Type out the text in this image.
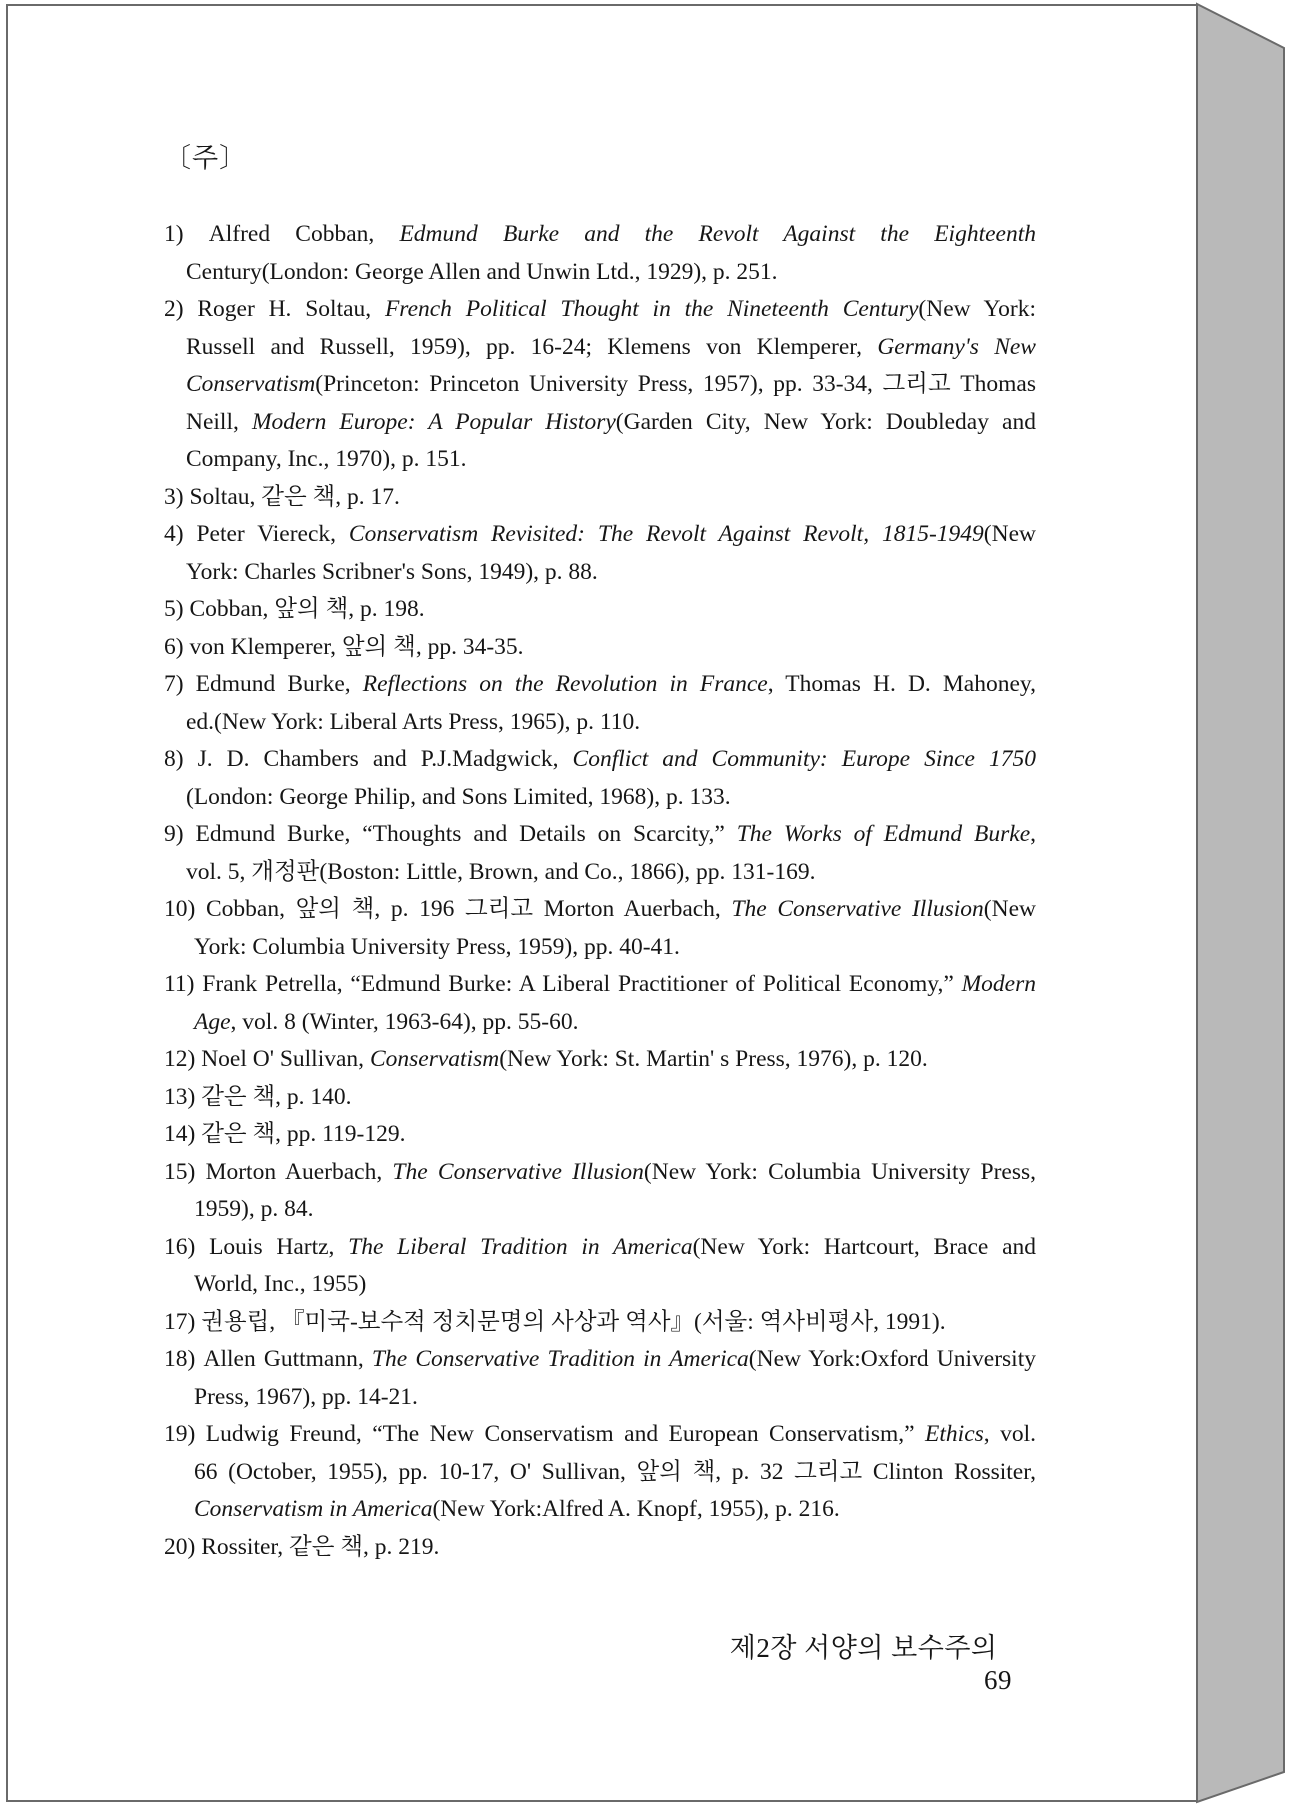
〔주〕
1) Alfred Cobban, Edmund Burke and the Revolt Against the Eighteenth
Century(London: George Allen and Unwin Ltd., 1929), p. 251.
2) Roger H. Soltau, French Political Thought in the Nineteenth Century(New York:
Russell and Russell, 1959), pp. 16-24; Klemens von Klemperer, Germany's New Conservatism(Princeton: Princeton University Press, 1957), pp. 33-34, 그리고 Thomas Neill, Modern Europe: A Popular History(Garden City, New York: Doubleday and Company, Inc., 1970), p. 151.
3) Soltau, 같은 책, p. 17.
4) Peter Viereck, Conservatism Revisited: The Revolt Against Revolt, 1815-1949(New
York: Charles Scribner's Sons, 1949), p. 88.
5) Cobban, 앞의 책, p. 198.
6) von Klemperer, 앞의 책, pp. 34-35.
7) Edmund Burke, Reflections on the Revolution in France, Thomas H. D. Mahoney,
ed.(New York: Liberal Arts Press, 1965), p. 110.
8) J. D. Chambers and P.J.Madgwick, Conflict and Community: Europe Since 1750
(London: George Philip, and Sons Limited, 1968), p. 133.
9) Edmund Burke, “Thoughts and Details on Scarcity,” The Works of Edmund Burke,
vol. 5, 개정판(Boston: Little, Brown, and Co., 1866), pp. 131-169.
10) Cobban, 앞의 책, p. 196 그리고 Morton Auerbach, The Conservative Illusion(New
York: Columbia University Press, 1959), pp. 40-41.
11) Frank Petrella, “Edmund Burke: A Liberal Practitioner of Political Economy,” Modern
Age, vol. 8 (Winter, 1963-64), pp. 55-60.
12) Noel O' Sullivan, Conservatism(New York: St. Martin' s Press, 1976), p. 120.
13) 같은 책, p. 140.
14) 같은 책, pp. 119-129.
15) Morton Auerbach, The Conservative Illusion(New York: Columbia University Press,
1959), p. 84.
16) Louis Hartz, The Liberal Tradition in America(New York: Hartcourt, Brace and
World, Inc., 1955)
17) 권용립, 『미국-보수적 정치문명의 사상과 역사』(서울: 역사비평사, 1991).
18) Allen Guttmann, The Conservative Tradition in America(New York:Oxford University
Press, 1967), pp. 14-21.
19) Ludwig Freund, “The New Conservatism and European Conservatism,” Ethics, vol.
66 (October, 1955), pp. 10-17, O' Sullivan, 앞의 책, p. 32 그리고 Clinton Rossiter, Conservatism in America(New York:Alfred A. Knopf, 1955), p. 216.
20) Rossiter, 같은 책, p. 219.
제2장 서양의 보수주의   69
